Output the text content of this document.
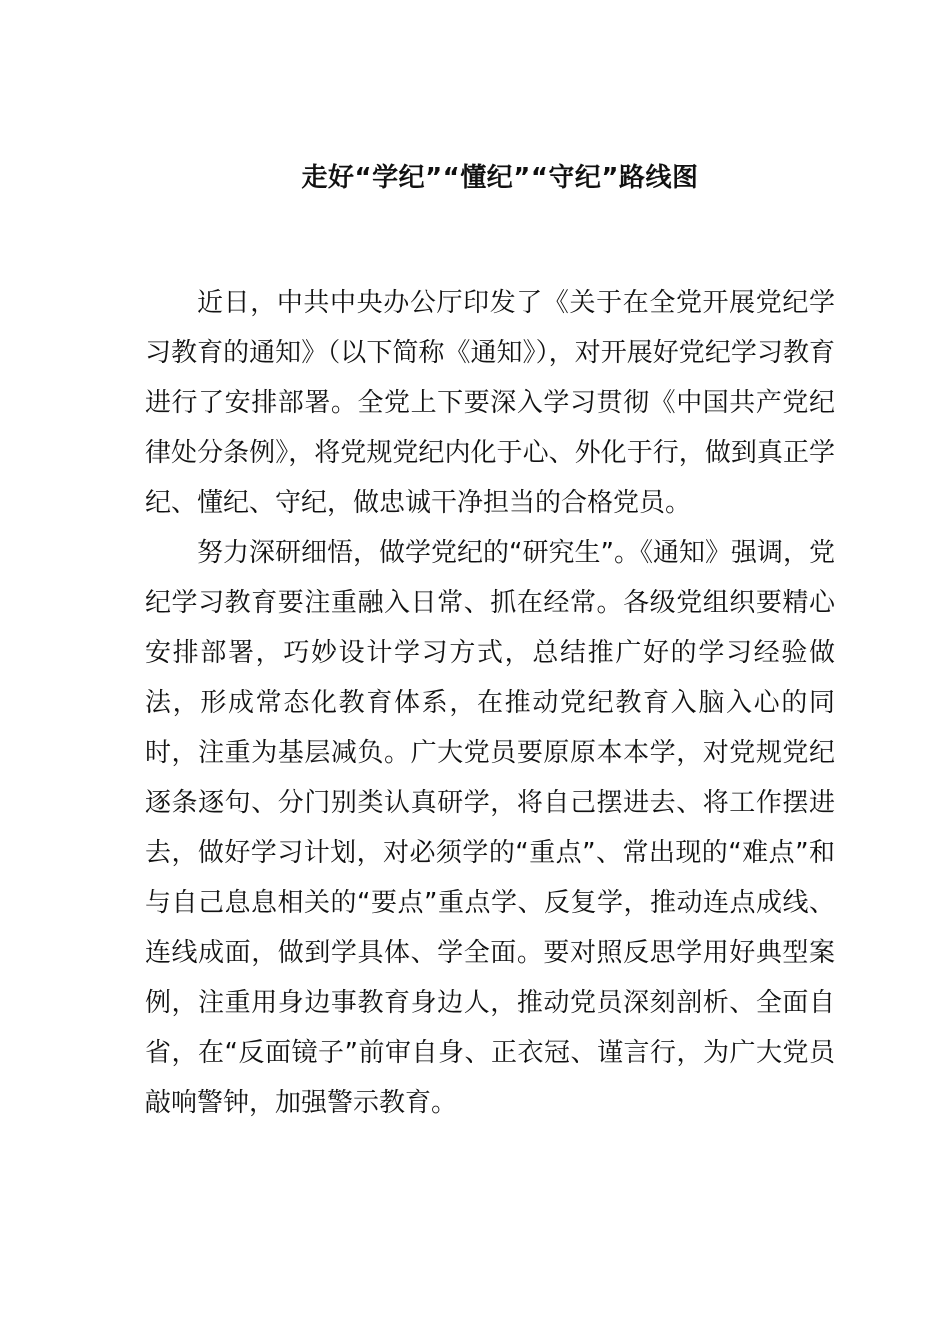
走好“学纪”“懂纪”“守纪”路线图

近日，中共中央办公厅印发了《关于在全党开展党纪学习教育的通知》（以下简称《通知》），对开展好党纪学习教育进行了安排部署。全党上下要深入学习贯彻《中国共产党纪律处分条例》，将党规党纪内化于心、外化于行，做到真正学纪、懂纪、守纪，做忠诚干净担当的合格党员。

努力深研细悟，做学党纪的“研究生”。《通知》强调，党纪学习教育要注重融入日常、抓在经常。各级党组织要精心安排部署，巧妙设计学习方式，总结推广好的学习经验做法，形成常态化教育体系，在推动党纪教育入脑入心的同时，注重为基层减负。广大党员要原原本本学，对党规党纪逐条逐句、分门别类认真研学，将自己摆进去、将工作摆进去，做好学习计划，对必须学的“重点”、常出现的“难点”和与自己息息相关的“要点”重点学、反复学，推动连点成线、连线成面，做到学具体、学全面。要对照反思学用好典型案例，注重用身边事教育身边人，推动党员深刻剖析、全面自省，在“反面镜子”前审自身、正衣冠、谨言行，为广大党员敲响警钟，加强警示教育。
